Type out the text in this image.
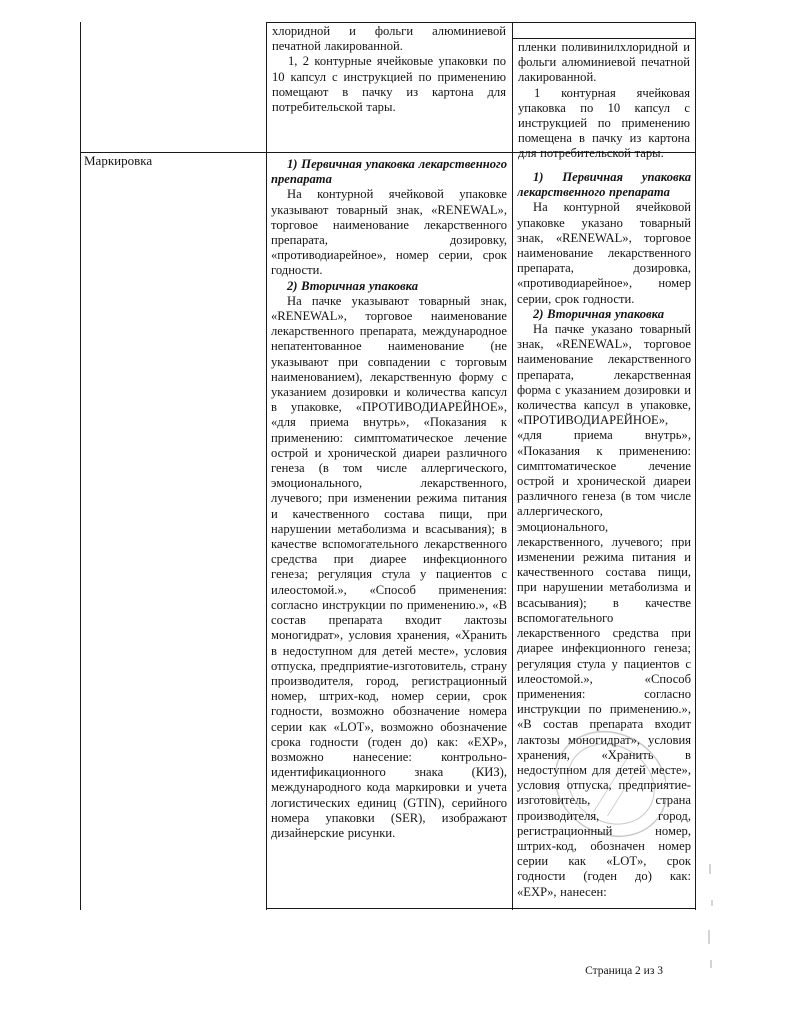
хлоридной и фольги алюминиевой печатной лакированной.

1, 2 контурные ячейковые упаковки по 10 капсул с инструкцией по применению помещают в пачку из картона для потребительской тары.

пленки поливинилхлоридной и фольги алюминиевой печатной лакированной.

1 контурная ячейковая упаковка по 10 капсул с инструкцией по применению помещена в пачку из картона для потребительской тары.

Маркировка	1) Первичная упаковка лекарственного препарата

На контурной ячейковой упаковке указывают товарный знак, «RENEWAL», торговое наименование лекарственного препарата, дозировку, «противодиарейное», номер серии, срок годности.

2) Вторичная упаковка

На пачке указывают товарный знак, «RENEWAL», торговое наименование лекарственного препарата, международное непатентованное наименование (не указывают при совпадении с торговым наименованием), лекарственную форму с указанием дозировки и количества капсул в упаковке, «ПРОТИВОДИАРЕЙНОЕ», «для приема внутрь», «Показания к применению: симптоматическое лечение острой и хронической диареи различного генеза (в том числе аллергического, эмоционального, лекарственного, лучевого; при изменении режима питания и качественного состава пищи, при нарушении метаболизма и всасывания); в качестве вспомогательного лекарственного средства при диарее инфекционного генеза; регуляция стула у пациентов с илеостомой.», «Способ применения: согласно инструкции по применению.», «В состав препарата входит лактозы моногидрат», условия хранения, «Хранить в недоступном для детей месте», условия отпуска, предприятие-изготовитель, страну производителя, город, регистрационный номер, штрих-код, номер серии, срок годности, возможно обозначение номера серии как «LOT», возможно обозначение срока годности (годен до) как: «EXP», возможно нанесение: контрольно-идентификационного знака (КИЗ), международного кода маркировки и учета логистических единиц (GTIN), серийного номера упаковки (SER), изображают дизайнерские рисунки.

1) Первичная упаковка лекарственного препарата

На контурной ячейковой упаковке указано товарный знак, «RENEWAL», торговое наименование лекарственного препарата, дозировка, «противодиарейное», номер серии, срок годности.

2) Вторичная упаковка

На пачке указано товарный знак, «RENEWAL», торговое наименование лекарственного препарата, лекарственная форма с указанием дозировки и количества капсул в упаковке, «ПРОТИВОДИАРЕЙНОЕ», «для приема внутрь», «Показания к применению: симптоматическое лечение острой и хронической диареи различного генеза (в том числе аллергического, эмоционального, лекарственного, лучевого; при изменении режима питания и качественного состава пищи, при нарушении метаболизма и всасывания); в качестве вспомогательного лекарственного средства при диарее инфекционного генеза; регуляция стула у пациентов с илеостомой.», «Способ применения: согласно инструкции по применению.», «В состав препарата входит лактозы моногидрат», условия хранения, «Хранить в недоступном для детей месте», условия отпуска, предприятие-изготовитель, страна производителя, город, регистрационный номер, штрих-код, обозначен номер серии как «LOT», срок годности (годен до) как: «EXP», нанесен:

Страница 2 из 3
